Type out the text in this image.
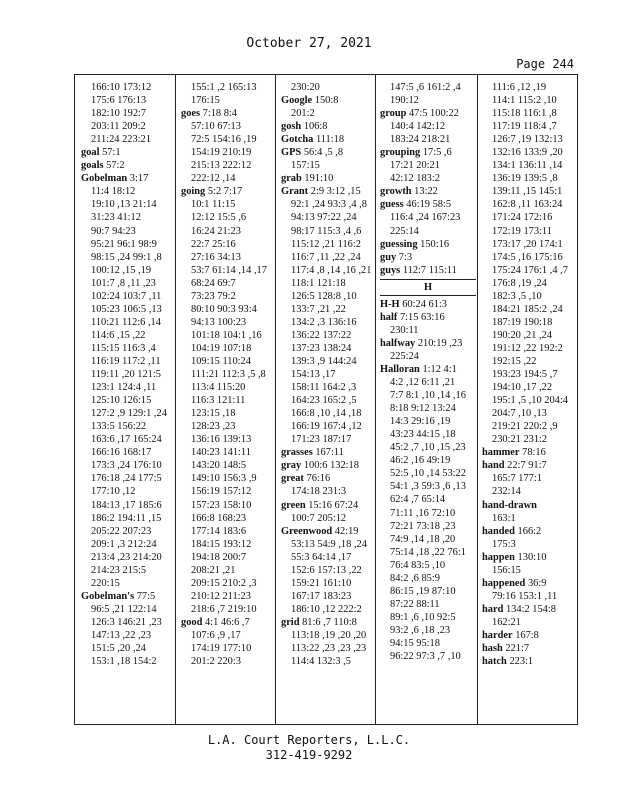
October 27, 2021
Page 244
166:10 173:12
175:6 176:13
182:10 192:7
203:11 209:2
211:24 223:21
goal 57:1
goals 57:2
Gobelman 3:17
11:4 18:12
19:10 ,13 21:14
31:23 41:12
90:7 94:23
95:21 96:1 98:9
98:15 ,24 99:1 ,8
100:12 ,15 ,19
101:7 ,8 ,11 ,23
102:24 103:7 ,11
105:23 106:5 ,13
110:21 112:6 ,14
114:6 ,15 ,22
115:15 116:3 ,4
116:19 117:2 ,11
119:11 ,20 121:5
123:1 124:4 ,11
125:10 126:15
127:2 ,9 129:1 ,24
133:5 156:22
163:6 ,17 165:24
166:16 168:17
173:3 ,24 176:10
176:18 ,24 177:5
177:10 ,12
184:13 ,17 185:6
186:2 194:11 ,15
205:22 207:23
209:1 ,3 212:24
213:4 ,23 214:20
214:23 215:5
220:15
Gobelman's 77:5
96:5 ,21 122:14
126:3 146:21 ,23
147:13 ,22 ,23
151:5 ,20 ,24
153:1 ,18 154:2
155:1 ,2 165:13
176:15
goes 7:18 8:4
57:10 67:13
72:5 154:16 ,19
154:19 210:19
215:13 222:12
222:12 ,14
going 5:2 7:17
10:1 11:15
12:12 15:5 ,6
16:24 21:23
22:7 25:16
27:16 34:13
53:7 61:14 ,14 ,17
68:24 69:7
73:23 79:2
80:10 90:3 93:4
94:13 100:23
101:18 104:1 ,16
104:19 107:18
109:15 110:24
111:21 112:3 ,5 ,8
113:4 115:20
116:3 121:11
123:15 ,18
128:23 ,23
136:16 139:13
140:23 141:11
143:20 148:5
149:10 156:3 ,9
156:19 157:12
157:23 158:10
166:8 168:23
177:14 183:6
184:15 193:12
194:18 200:7
208:21 ,21
209:15 210:2 ,3
210:12 211:23
218:6 ,7 219:10
good 4:1 46:6 ,7
107:6 ,9 ,17
174:19 177:10
201:2 220:3
230:20
Google 150:8
201:2
gosh 106:8
Gotcha 111:18
GPS 56:4 ,5 ,8
157:15
grab 191:10
Grant 2:9 3:12 ,15
92:1 ,24 93:3 ,4 ,8
94:13 97:22 ,24
98:17 115:3 ,4 ,6
115:12 ,21 116:2
116:7 ,11 ,22 ,24
117:4 ,8 ,14 ,16 ,21
118:1 121:18
126:5 128:8 ,10
133:7 ,21 ,22
134:2 ,3 136:16
136:22 137:22
137:23 138:24
139:3 ,9 144:24
154:13 ,17
158:11 164:2 ,3
164:23 165:2 ,5
166:8 ,10 ,14 ,18
166:19 167:4 ,12
171:23 187:17
grasses 167:11
gray 100:6 132:18
great 76:16
174:18 231:3
green 15:16 67:24
100:7 205:12
Greenwood 42:19
53:13 54:9 ,18 ,24
55:3 64:14 ,17
152:6 157:13 ,22
159:21 161:10
167:17 183:23
186:10 ,12 222:2
grid 81:6 ,7 110:8
113:18 ,19 ,20 ,20
113:22 ,23 ,23 ,23
114:4 132:3 ,5
147:5 ,6 161:2 ,4
190:12
group 47:5 100:22
140:4 142:12
183:24 218:21
grouping 17:5 ,6
17:21 20:21
42:12 183:2
growth 13:22
guess 46:19 58:5
116:4 ,24 167:23
225:14
guessing 150:16
guy 7:3
guys 112:7 115:11
H
H-H 60:24 61:3
half 7:15 63:16
230:11
halfway 210:19 ,23
225:24
Halloran 1:12 4:1
4:2 ,12 6:11 ,21
7:7 8:1 ,10 ,14 ,16
8:18 9:12 13:24
14:3 29:16 ,19
43:23 44:15 ,18
45:2 ,7 ,10 ,15 ,23
46:2 ,16 49:19
52:5 ,10 ,14 53:22
54:1 ,3 59:3 ,6 ,13
62:4 ,7 65:14
71:11 ,16 72:10
72:21 73:18 ,23
74:9 ,14 ,18 ,20
75:14 ,18 ,22 76:1
76:4 83:5 ,10
84:2 ,6 85:9
86:15 ,19 87:10
87:22 88:11
89:1 ,6 ,10 92:5
93:2 ,6 ,18 ,23
94:15 95:18
96:22 97:3 ,7 ,10
111:6 ,12 ,19
114:1 115:2 ,10
115:18 116:1 ,8
117:19 118:4 ,7
126:7 ,19 132:13
132:16 133:9 ,20
134:1 136:11 ,14
136:19 139:5 ,8
139:11 ,15 145:1
162:8 ,11 163:24
171:24 172:16
172:19 173:11
173:17 ,20 174:1
174:5 ,16 175:16
175:24 176:1 ,4 ,7
176:8 ,19 ,24
182:3 ,5 ,10
184:21 185:2 ,24
187:19 190:18
190:20 ,21 ,24
191:12 ,22 192:2
192:15 ,22
193:23 194:5 ,7
194:10 ,17 ,22
195:1 ,5 ,10 204:4
204:7 ,10 ,13
219:21 220:2 ,9
230:21 231:2
hammer 78:16
hand 22:7 91:7
165:7 177:1
232:14
hand-drawn
163:1
handed 166:2
175:3
happen 130:10
156:15
happened 36:9
79:16 153:1 ,11
hard 134:2 154:8
162:21
harder 167:8
hash 221:7
hatch 223:1
L.A. Court Reporters, L.L.C.
312-419-9292
